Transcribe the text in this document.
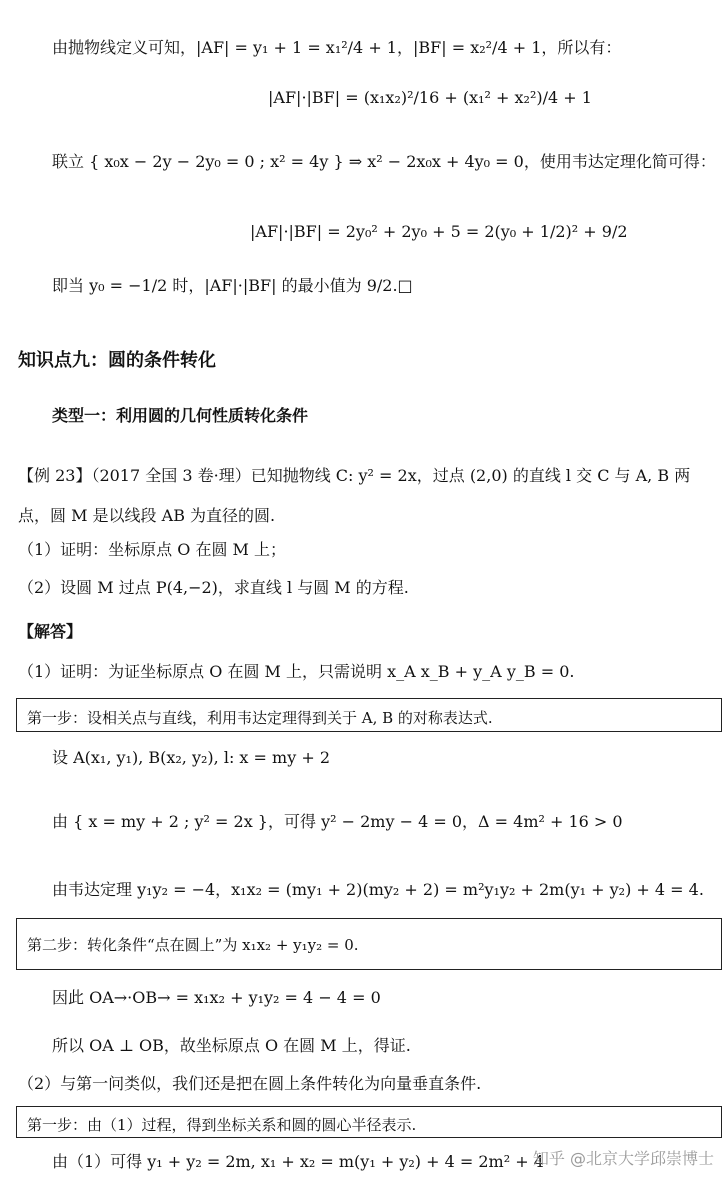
由抛物线定义可知，|AF| = y₁ + 1 = x₁²/4 + 1，|BF| = x₂²/4 + 1，所以有：
|AF|·|BF| = (x₁x₂)²/16 + (x₁² + x₂²)/4 + 1
联立 { x₀x − 2y − 2y₀ = 0 ; x² = 4y } ⇒ x² − 2x₀x + 4y₀ = 0，使用韦达定理化简可得：
|AF|·|BF| = 2y₀² + 2y₀ + 5 = 2(y₀ + 1/2)² + 9/2
即当 y₀ = −1/2 时，|AF|·|BF| 的最小值为 9/2.□
知识点九：圆的条件转化
类型一：利用圆的几何性质转化条件
【例 23】（2017 全国 3 卷·理）已知抛物线 C: y² = 2x，过点 (2,0) 的直线 l 交 C 与 A, B 两
点，圆 M 是以线段 AB 为直径的圆.
（1）证明：坐标原点 O 在圆 M 上；
（2）设圆 M 过点 P(4,−2)，求直线 l 与圆 M 的方程.
【解答】
（1）证明：为证坐标原点 O 在圆 M 上，只需说明 x_A x_B + y_A y_B = 0.
第一步：设相关点与直线，利用韦达定理得到关于 A, B 的对称表达式.
设 A(x₁, y₁), B(x₂, y₂), l: x = my + 2
由 { x = my + 2 ; y² = 2x }，可得 y² − 2my − 4 = 0，Δ = 4m² + 16 > 0
由韦达定理 y₁y₂ = −4，x₁x₂ = (my₁ + 2)(my₂ + 2) = m²y₁y₂ + 2m(y₁ + y₂) + 4 = 4.
第二步：转化条件“点在圆上”为 x₁x₂ + y₁y₂ = 0.
因此 OA→·OB→ = x₁x₂ + y₁y₂ = 4 − 4 = 0
所以 OA ⊥ OB，故坐标原点 O 在圆 M 上，得证.
（2）与第一问类似，我们还是把在圆上条件转化为向量垂直条件.
第一步：由（1）过程，得到坐标关系和圆的圆心半径表示.
由（1）可得 y₁ + y₂ = 2m, x₁ + x₂ = m(y₁ + y₂) + 4 = 2m² + 4
知乎 @北京大学邱崇博士
